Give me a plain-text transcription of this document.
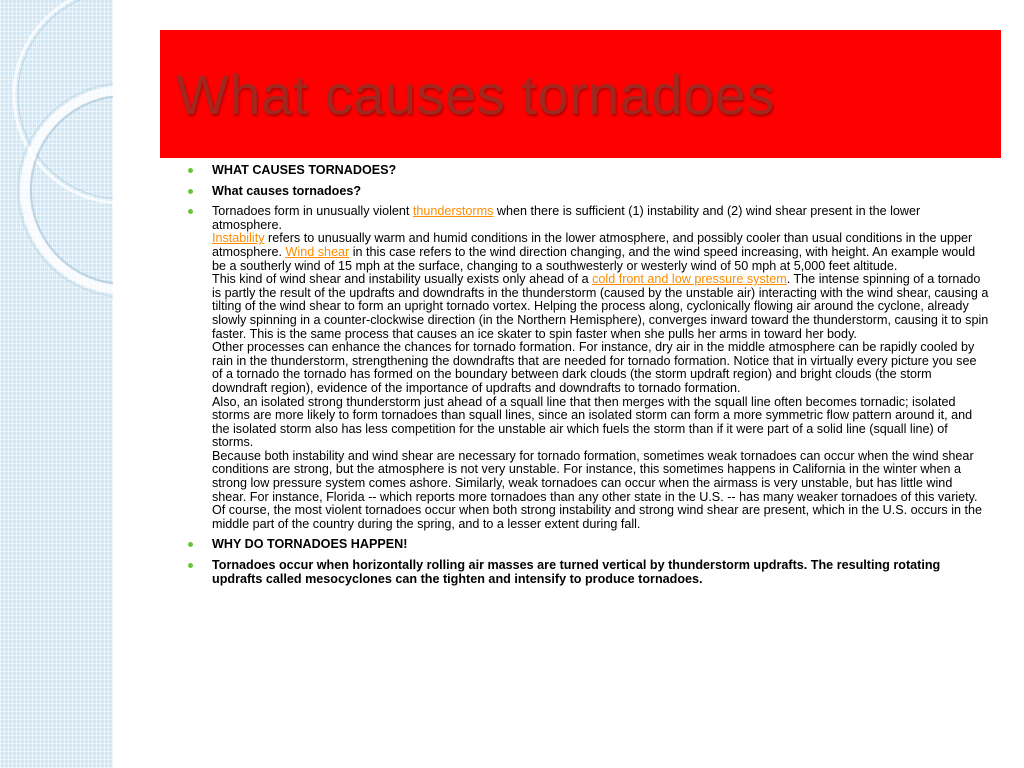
What causes tornadoes
WHAT CAUSES TORNADOES?
What causes tornadoes?
Tornadoes form in unusually violent thunderstorms when there is sufficient (1) instability and (2) wind shear present in the lower atmosphere.
Instability refers to unusually warm and humid conditions in the lower atmosphere, and possibly cooler than usual conditions in the upper atmosphere. Wind shear in this case refers to the wind direction changing, and the wind speed increasing, with height. An example would be a southerly wind of 15 mph at the surface, changing to a southwesterly or westerly wind of 50 mph at 5,000 feet altitude.
This kind of wind shear and instability usually exists only ahead of a cold front and low pressure system. The intense spinning of a tornado is partly the result of the updrafts and downdrafts in the thunderstorm (caused by the unstable air) interacting with the wind shear, causing a tilting of the wind shear to form an upright tornado vortex. Helping the process along, cyclonically flowing air around the cyclone, already slowly spinning in a counter-clockwise direction (in the Northern Hemisphere), converges inward toward the thunderstorm, causing it to spin faster. This is the same process that causes an ice skater to spin faster when she pulls her arms in toward her body.
Other processes can enhance the chances for tornado formation. For instance, dry air in the middle atmosphere can be rapidly cooled by rain in the thunderstorm, strengthening the downdrafts that are needed for tornado formation. Notice that in virtually every picture you see of a tornado the tornado has formed on the boundary between dark clouds (the storm updraft region) and bright clouds (the storm downdraft region), evidence of the importance of updrafts and downdrafts to tornado formation.
Also, an isolated strong thunderstorm just ahead of a squall line that then merges with the squall line often becomes tornadic; isolated storms are more likely to form tornadoes than squall lines, since an isolated storm can form a more symmetric flow pattern around it, and the isolated storm also has less competition for the unstable air which fuels the storm than if it were part of a solid line (squall line) of storms.
Because both instability and wind shear are necessary for tornado formation, sometimes weak tornadoes can occur when the wind shear conditions are strong, but the atmosphere is not very unstable. For instance, this sometimes happens in California in the winter when a strong low pressure system comes ashore. Similarly, weak tornadoes can occur when the airmass is very unstable, but has little wind shear. For instance, Florida -- which reports more tornadoes than any other state in the U.S. -- has many weaker tornadoes of this variety. Of course, the most violent tornadoes occur when both strong instability and strong wind shear are present, which in the U.S. occurs in the middle part of the country during the spring, and to a lesser extent during fall.
WHY DO TORNADOES HAPPEN!
Tornadoes occur when horizontally rolling air masses are turned vertical by thunderstorm updrafts. The resulting rotating updrafts called mesocyclones can the tighten and intensify to produce tornadoes.
